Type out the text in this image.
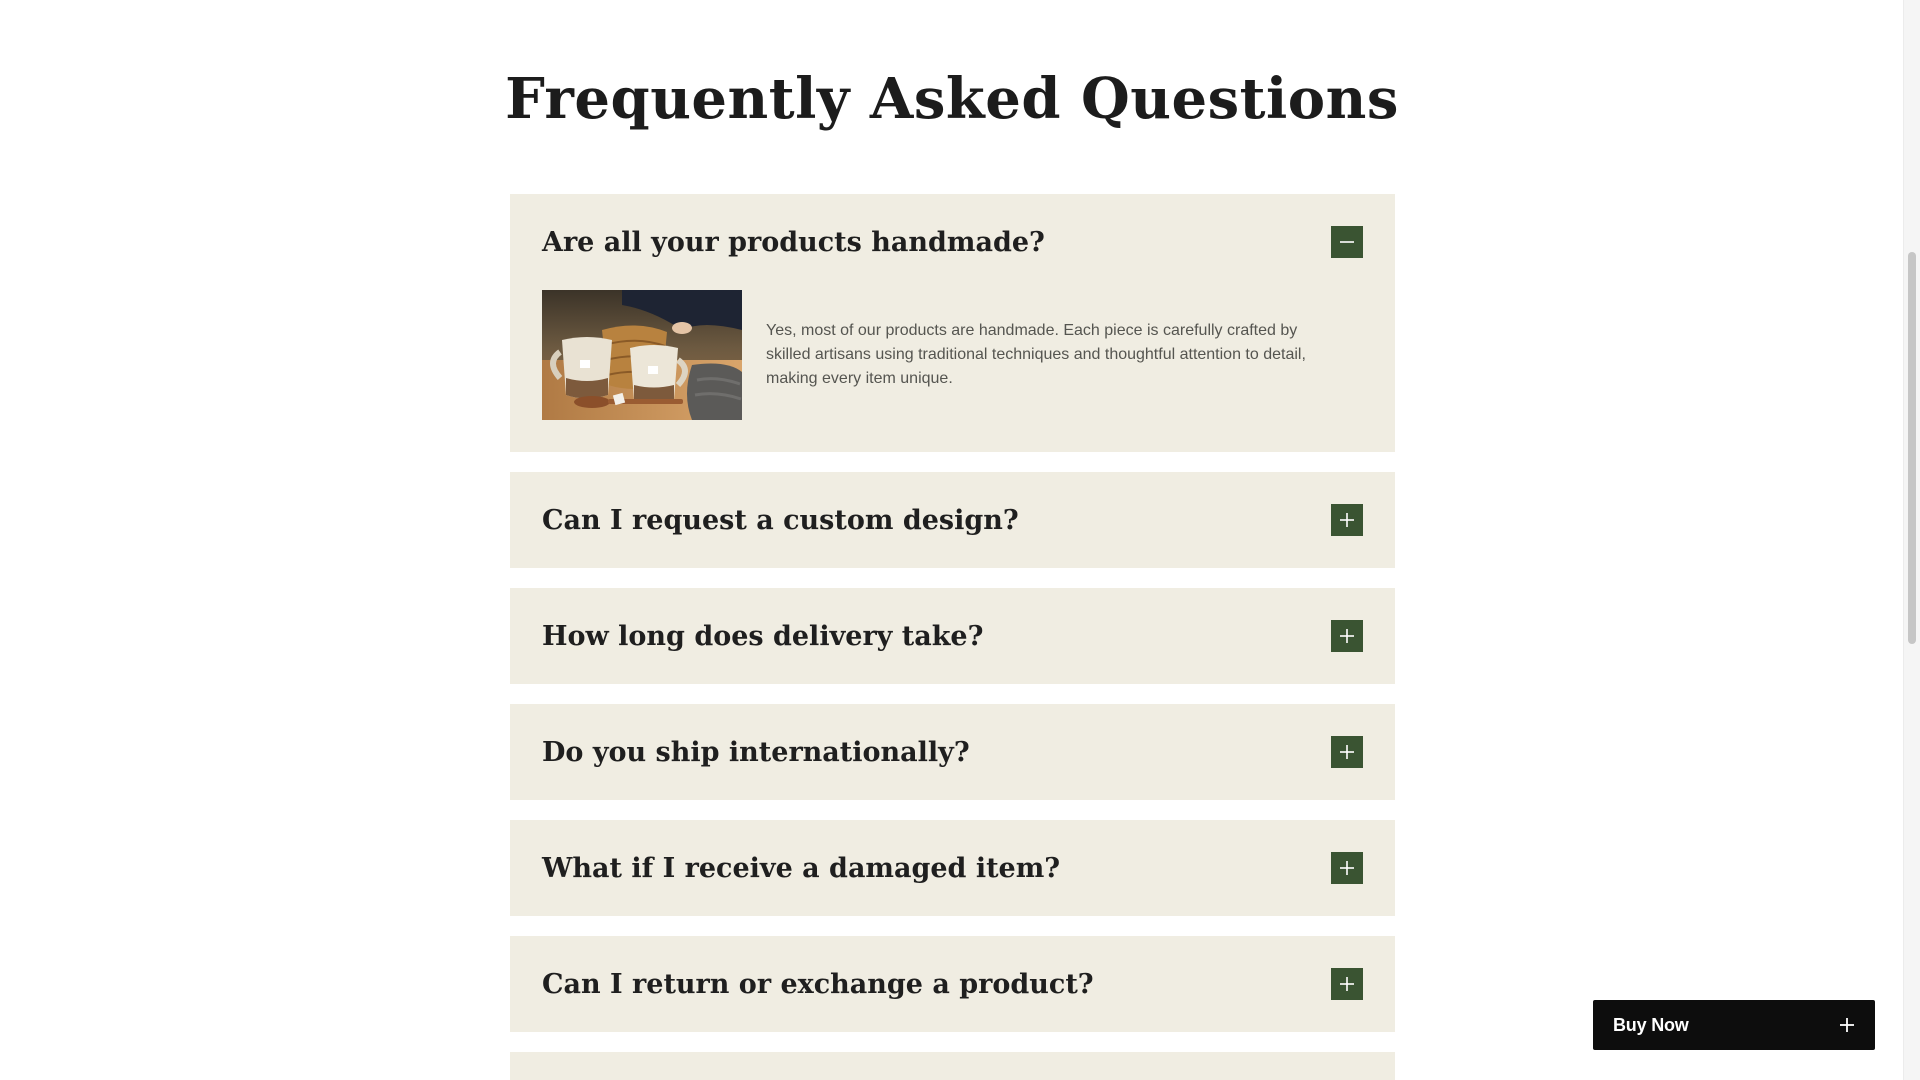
Frequently Asked Questions
Are all your products handmade?

Yes, most of our products are handmade. Each piece is carefully crafted by skilled artisans using traditional techniques and thoughtful attention to detail, making every item unique.

Can I request a custom design?
How long does delivery take?
Do you ship internationally?
What if I receive a damaged item?
Can I return or exchange a product?
Buy Now
